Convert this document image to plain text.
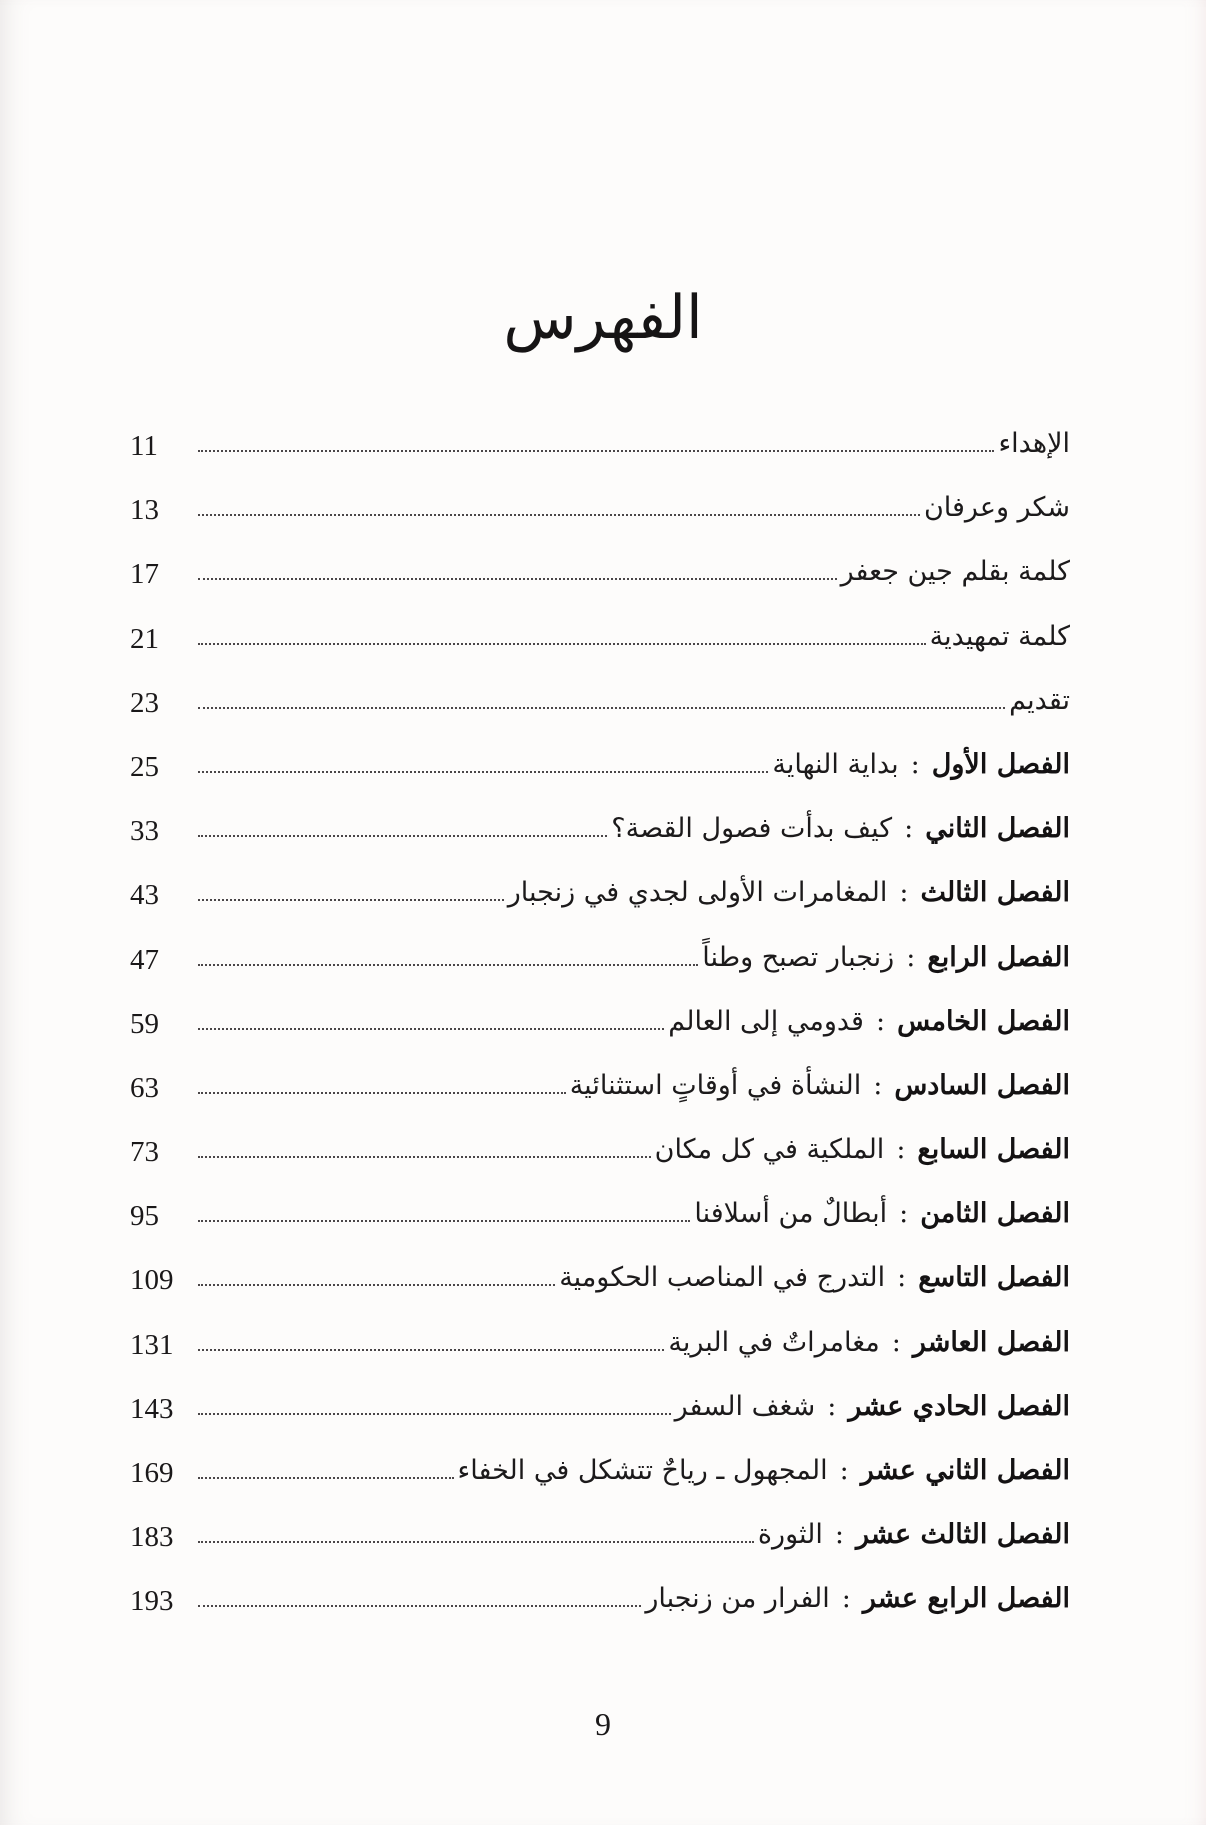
الفهرس
الإهداء
11
شكر وعرفان
13
كلمة بقلم جين جعفر
17
كلمة تمهيدية
21
تقديم
23
الفصل الأول
:
بداية النهاية
25
الفصل الثاني
:
كيف بدأت فصول القصة؟
33
الفصل الثالث
:
المغامرات الأولى لجدي في زنجبار
43
الفصل الرابع
:
زنجبار تصبح وطناً
47
الفصل الخامس
:
قدومي إلى العالم
59
الفصل السادس
:
النشأة في أوقاتٍ استثنائية
63
الفصل السابع
:
الملكية في كل مكان
73
الفصل الثامن
:
أبطالٌ من أسلافنا
95
الفصل التاسع
:
التدرج في المناصب الحكومية
109
الفصل العاشر
:
مغامراتٌ في البرية
131
الفصل الحادي عشر
:
شغف السفر
143
الفصل الثاني عشر
:
المجهول ـ رياحٌ تتشكل في الخفاء
169
الفصل الثالث عشر
:
الثورة
183
الفصل الرابع عشر
:
الفرار من زنجبار
193
9
